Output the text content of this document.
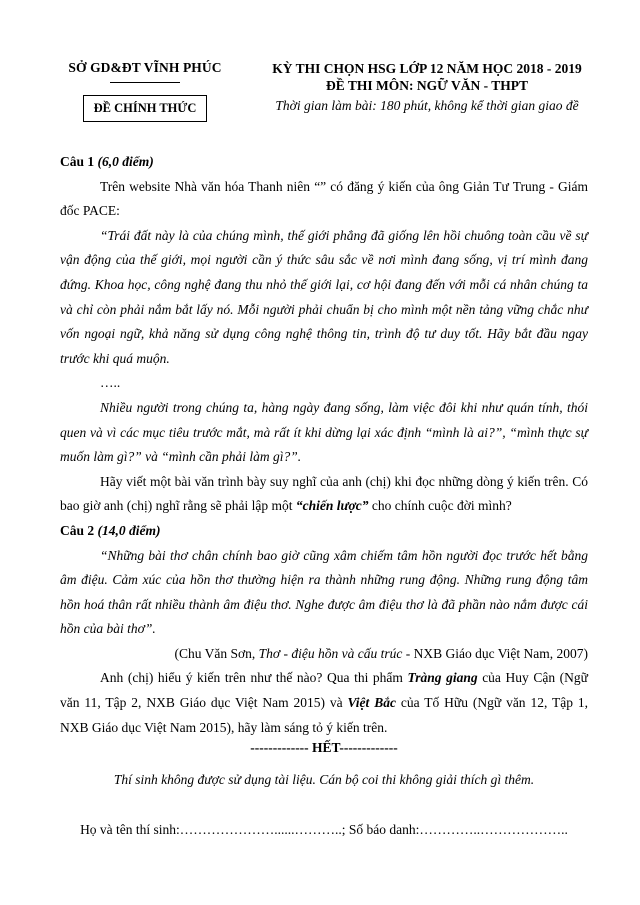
SỞ GD&ĐT VĨNH PHÚC
ĐỀ CHÍNH THỨC
KỲ THI CHỌN HSG LỚP 12 NĂM HỌC 2018 - 2019
ĐỀ THI MÔN: NGỮ VĂN - THPT
Thời gian làm bài: 180 phút, không kể thời gian giao đề

Câu 1 (6,0 điểm)

Trên website Nhà văn hóa Thanh niên “” có đăng ý kiến của ông Giản Tư Trung - Giám đốc PACE:

“Trái đất này là của chúng mình, thế giới phẳng đã giống lên hồi chuông toàn cầu về sự vận động của thế giới, mọi người cần ý thức sâu sắc về nơi mình đang sống, vị trí mình đang đứng. Khoa học, công nghệ đang thu nhỏ thế giới lại, cơ hội đang đến với mỗi cá nhân chúng ta và chỉ còn phải nắm bắt lấy nó. Mỗi người phải chuẩn bị cho mình một nền tảng vững chắc như vốn ngoại ngữ, khả năng sử dụng công nghệ thông tin, trình độ tư duy tốt. Hãy bắt đầu ngay trước khi quá muộn.

…..

Nhiều người trong chúng ta, hàng ngày đang sống, làm việc đôi khi như quán tính, thói quen và vì các mục tiêu trước mắt, mà rất ít khi dừng lại xác định “mình là ai?”, “mình thực sự muốn làm gì?” và “mình cần phải làm gì?”.

Hãy viết một bài văn trình bày suy nghĩ của anh (chị) khi đọc những dòng ý kiến trên. Có bao giờ anh (chị) nghĩ rằng sẽ phải lập một “chiến lược” cho chính cuộc đời mình?

Câu 2 (14,0 điểm)

“Những bài thơ chân chính bao giờ cũng xâm chiếm tâm hồn người đọc trước hết bằng âm điệu. Cảm xúc của hồn thơ thường hiện ra thành những rung động. Những rung động tâm hồn hoá thân rất nhiều thành âm điệu thơ. Nghe được âm điệu thơ là đã phần nào nắm được cái hồn của bài thơ”.

(Chu Văn Sơn, Thơ - điệu hồn và cấu trúc - NXB Giáo dục Việt Nam, 2007)

Anh (chị) hiểu ý kiến trên như thế nào? Qua thi phẩm Tràng giang của Huy Cận (Ngữ văn 11, Tập 2, NXB Giáo dục Việt Nam 2015) và Việt Bắc của Tố Hữu (Ngữ văn 12, Tập 1, NXB Giáo dục Việt Nam 2015), hãy làm sáng tỏ ý kiến trên.

------------- HẾT-------------
Thí sinh không được sử dụng tài liệu. Cán bộ coi thi không giải thích gì thêm.
Họ và tên thí sinh:…………………......………..; Số báo danh:…………..………………..
